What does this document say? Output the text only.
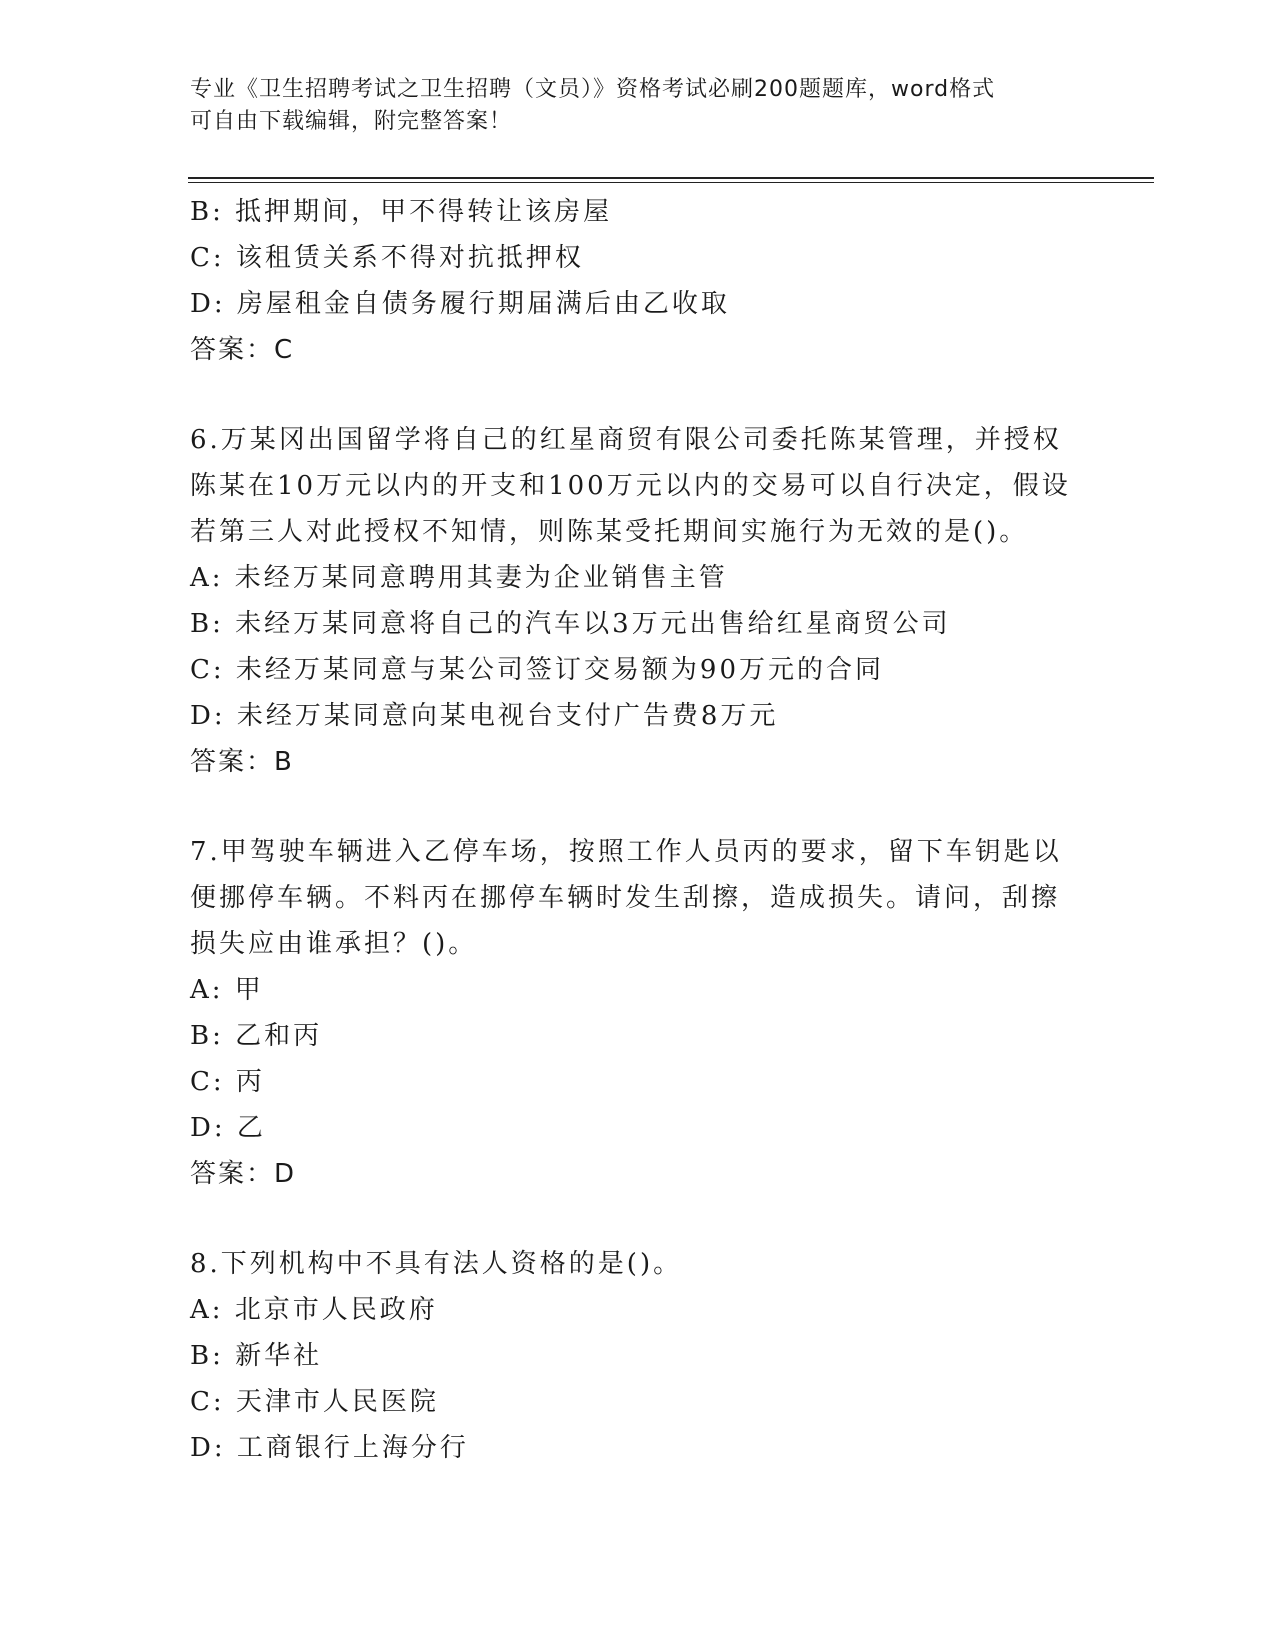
专业《卫生招聘考试之卫生招聘（文员）》资格考试必刷200题题库，word格式
可自由下载编辑，附完整答案！
B: 抵押期间，甲不得转让该房屋
C: 该租赁关系不得对抗抵押权
D: 房屋租金自债务履行期届满后由乙收取
答案：C
6.万某冈出国留学将自己的红星商贸有限公司委托陈某管理，并授权
陈某在10万元以内的开支和100万元以内的交易可以自行决定，假设
若第三人对此授权不知情，则陈某受托期间实施行为无效的是()。
A: 未经万某同意聘用其妻为企业销售主管
B: 未经万某同意将自己的汽车以3万元出售给红星商贸公司
C: 未经万某同意与某公司签订交易额为90万元的合同
D: 未经万某同意向某电视台支付广告费8万元
答案：B
7.甲驾驶车辆进入乙停车场，按照工作人员丙的要求，留下车钥匙以
便挪停车辆。不料丙在挪停车辆时发生刮擦，造成损失。请问，刮擦
损失应由谁承担？()。
A: 甲
B: 乙和丙
C: 丙
D: 乙
答案：D
8.下列机构中不具有法人资格的是()。
A: 北京市人民政府
B: 新华社
C: 天津市人民医院
D: 工商银行上海分行
